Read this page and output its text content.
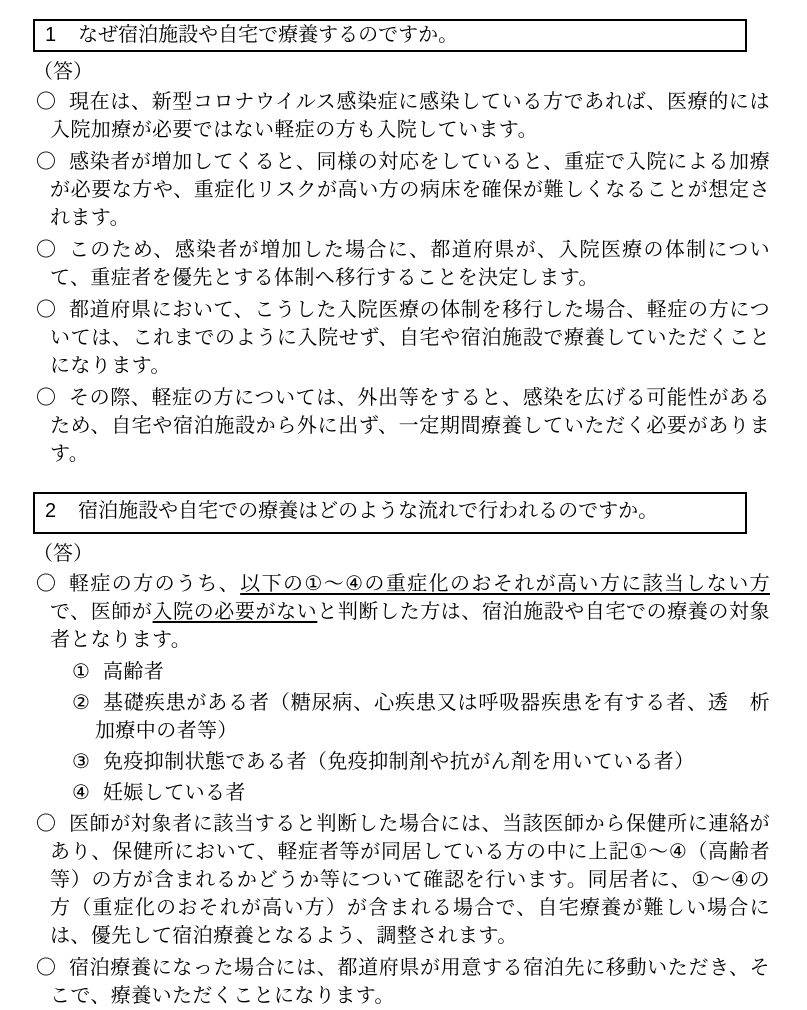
1 なぜ宿泊施設や自宅で療養するのですか。
（答）
〇 現在は、新型コロナウイルス感染症に感染している方であれば、医療的には入院加療が必要ではない軽症の方も入院しています。
〇 感染者が増加してくると、同様の対応をしていると、重症で入院による加療が必要な方や、重症化リスクが高い方の病床を確保が難しくなることが想定されます。
〇 このため、感染者が増加した場合に、都道府県が、入院医療の体制について、重症者を優先とする体制へ移行することを決定します。
〇 都道府県において、こうした入院医療の体制を移行した場合、軽症の方については、これまでのように入院せず、自宅や宿泊施設で療養していただくことになります。
〇 その際、軽症の方については、外出等をすると、感染を広げる可能性があるため、自宅や宿泊施設から外に出ず、一定期間療養していただく必要があります。
2 宿泊施設や自宅での療養はどのような流れで行われるのですか。
（答）
〇 軽症の方のうち、以下の①～④の重症化のおそれが高い方に該当しない方で、医師が入院の必要がないと判断した方は、宿泊施設や自宅での療養の対象者となります。
① 高齢者
② 基礎疾患がある者（糖尿病、心疾患又は呼吸器疾患を有する者、透　析加療中の者等）
③ 免疫抑制状態である者（免疫抑制剤や抗がん剤を用いている者）
④ 妊娠している者
〇 医師が対象者に該当すると判断した場合には、当該医師から保健所に連絡があり、保健所において、軽症者等が同居している方の中に上記①～④（高齢者等）の方が含まれるかどうか等について確認を行います。同居者に、①～④の方（重症化のおそれが高い方）が含まれる場合で、自宅療養が難しい場合には、優先して宿泊療養となるよう、調整されます。
〇 宿泊療養になった場合には、都道府県が用意する宿泊先に移動いただき、そこで、療養いただくことになります。
